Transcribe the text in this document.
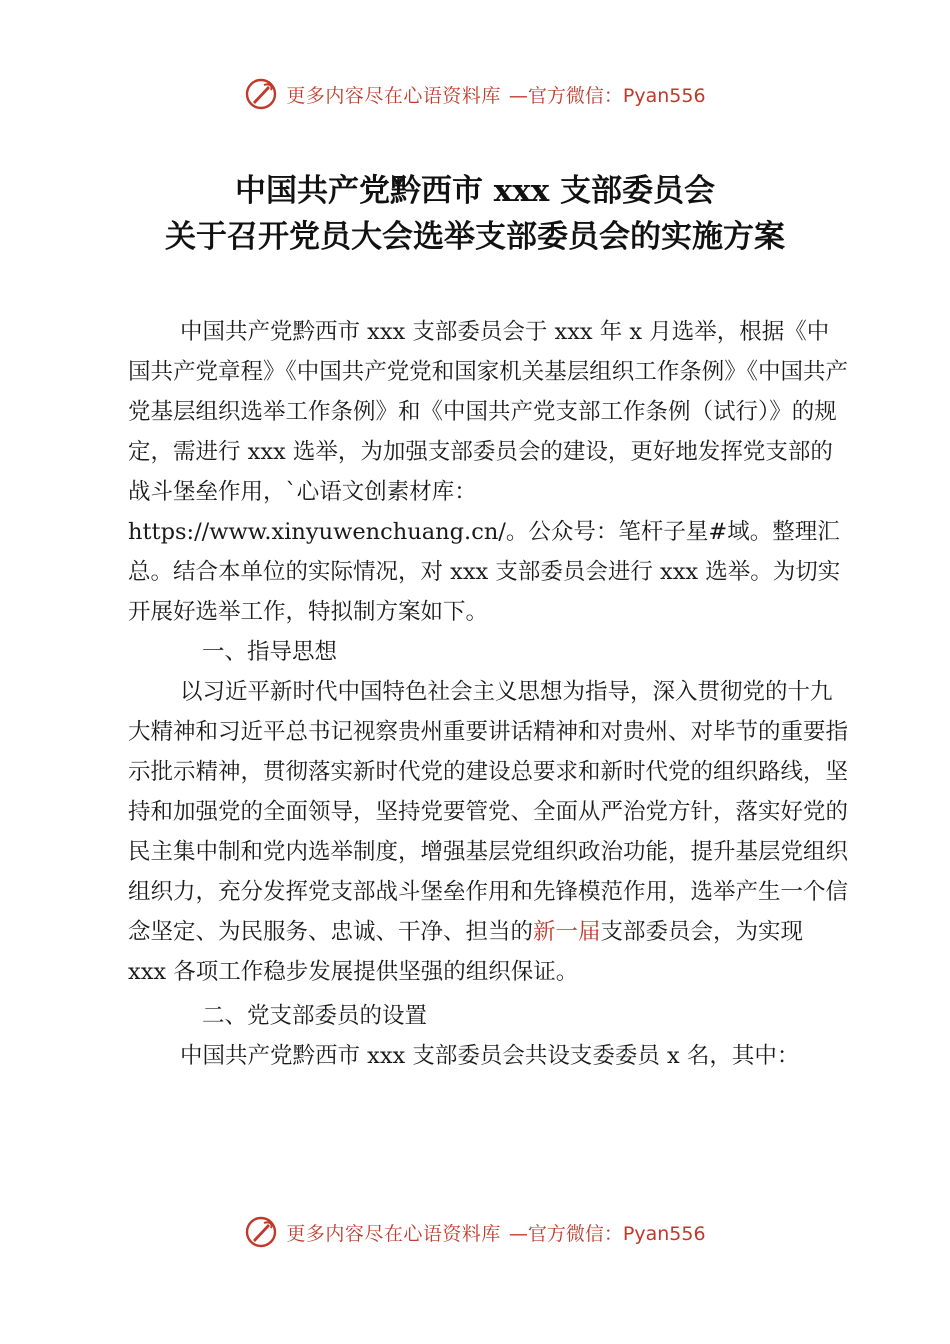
更多内容尽在心语资料库 —官方微信：Pyan556
中国共产党黔西市 xxx 支部委员会
关于召开党员大会选举支部委员会的实施方案

中国共产党黔西市 xxx 支部委员会于 xxx 年 x 月选举，根据《中国共产党章程》《中国共产党党和国家机关基层组织工作条例》《中国共产党基层组织选举工作条例》和《中国共产党支部工作条例（试行）》的规定，需进行 xxx 选举，为加强支部委员会的建设，更好地发挥党支部的战斗堡垒作用，`心语文创素材库：https://www.xinyuwenchuang.cn/。公众号：笔杆子星#域。整理汇总。结合本单位的实际情况，对 xxx 支部委员会进行 xxx 选举。为切实开展好选举工作，特拟制方案如下。

一、指导思想

以习近平新时代中国特色社会主义思想为指导，深入贯彻党的十九大精神和习近平总书记视察贵州重要讲话精神和对贵州、对毕节的重要指示批示精神，贯彻落实新时代党的建设总要求和新时代党的组织路线，坚持和加强党的全面领导，坚持党要管党、全面从严治党方针，落实好党的民主集中制和党内选举制度，增强基层党组织政治功能，提升基层党组织组织力，充分发挥党支部战斗堡垒作用和先锋模范作用，选举产生一个信念坚定、为民服务、忠诚、干净、担当的新一届支部委员会，为实现 xxx 各项工作稳步发展提供坚强的组织保证。

二、党支部委员的设置

中国共产党黔西市 xxx 支部委员会共设支委委员 x 名，其中：

更多内容尽在心语资料库 —官方微信：Pyan556
